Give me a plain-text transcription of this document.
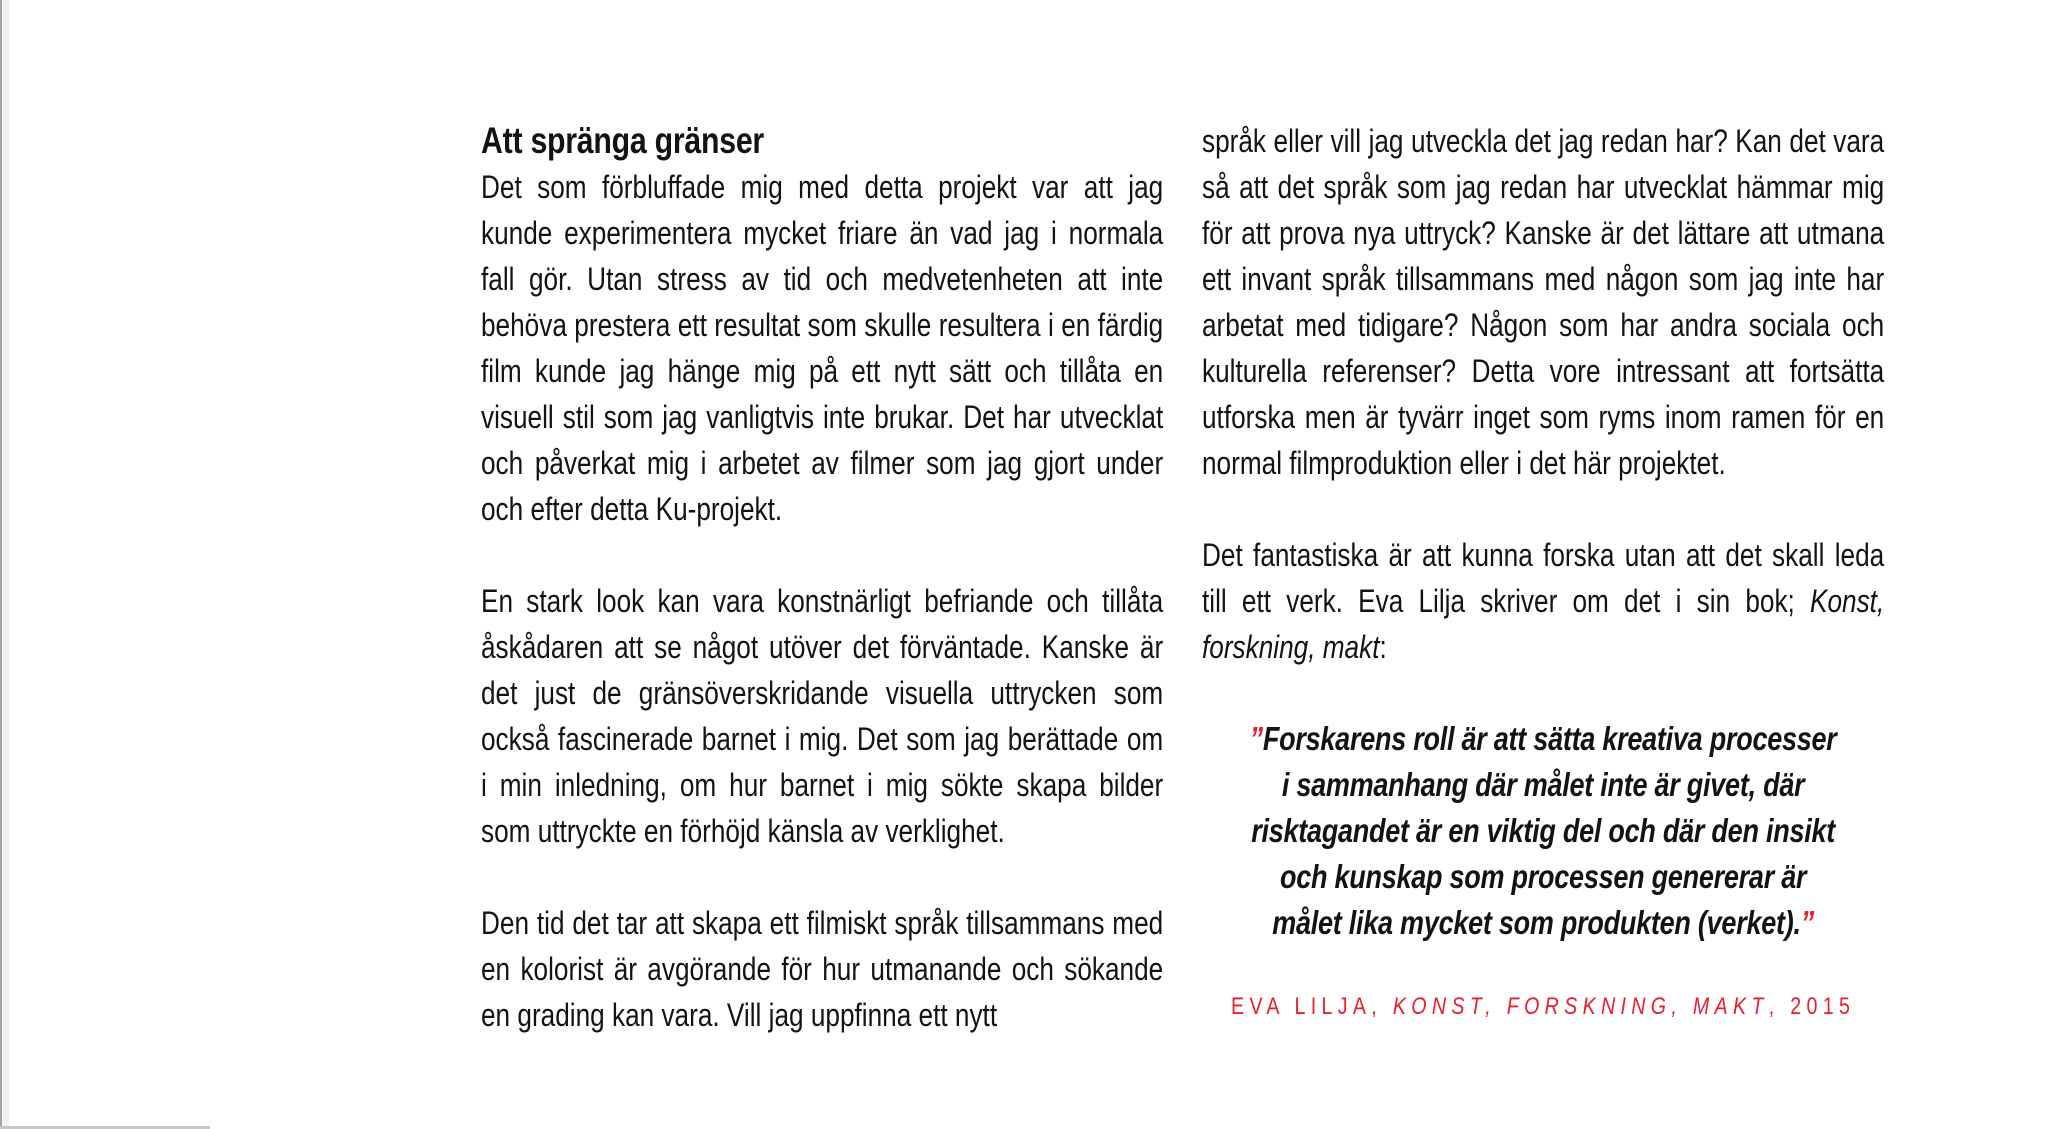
Att spränga gränser

Det som förbluffade mig med detta projekt var att jag kunde experimentera mycket friare än vad jag i normala fall gör. Utan stress av tid och medvetenheten att inte behöva prestera ett resultat som skulle resultera i en färdig film kunde jag hänge mig på ett nytt sätt och tillåta en visuell stil som jag vanligtvis inte brukar. Det har utvecklat och påverkat mig i arbetet av filmer som jag gjort under och efter detta Ku-projekt.

En stark look kan vara konstnärligt befriande och tillåta åskådaren att se något utöver det förväntade. Kanske är det just de gränsöverskridande visuella uttrycken som också fascinerade barnet i mig. Det som jag berättade om i min inledning, om hur barnet i mig sökte skapa bilder som uttryckte en förhöjd känsla av verklighet.

Den tid det tar att skapa ett filmiskt språk tillsammans med en kolorist är avgörande för hur utmanande och sökande en grading kan vara. Vill jag uppfinna ett nytt

språk eller vill jag utveckla det jag redan har? Kan det vara så att det språk som jag redan har utvecklat hämmar mig för att prova nya uttryck? Kanske är det lättare att utmana ett invant språk tillsammans med någon som jag inte har arbetat med tidigare? Någon som har andra sociala och kulturella referenser? Detta vore intressant att fortsätta utforska men är tyvärr inget som ryms inom ramen för en normal filmproduktion eller i det här projektet.

Det fantastiska är att kunna forska utan att det skall leda till ett verk. Eva Lilja skriver om det i sin bok; Konst, forskning, makt:

”Forskarens roll är att sätta kreativa processer i sammanhang där målet inte är givet, där risktagandet är en viktig del och där den insikt och kunskap som processen genererar är målet lika mycket som produkten (verket).”

EVA LILJA, KONST, FORSKNING, MAKT, 2015
